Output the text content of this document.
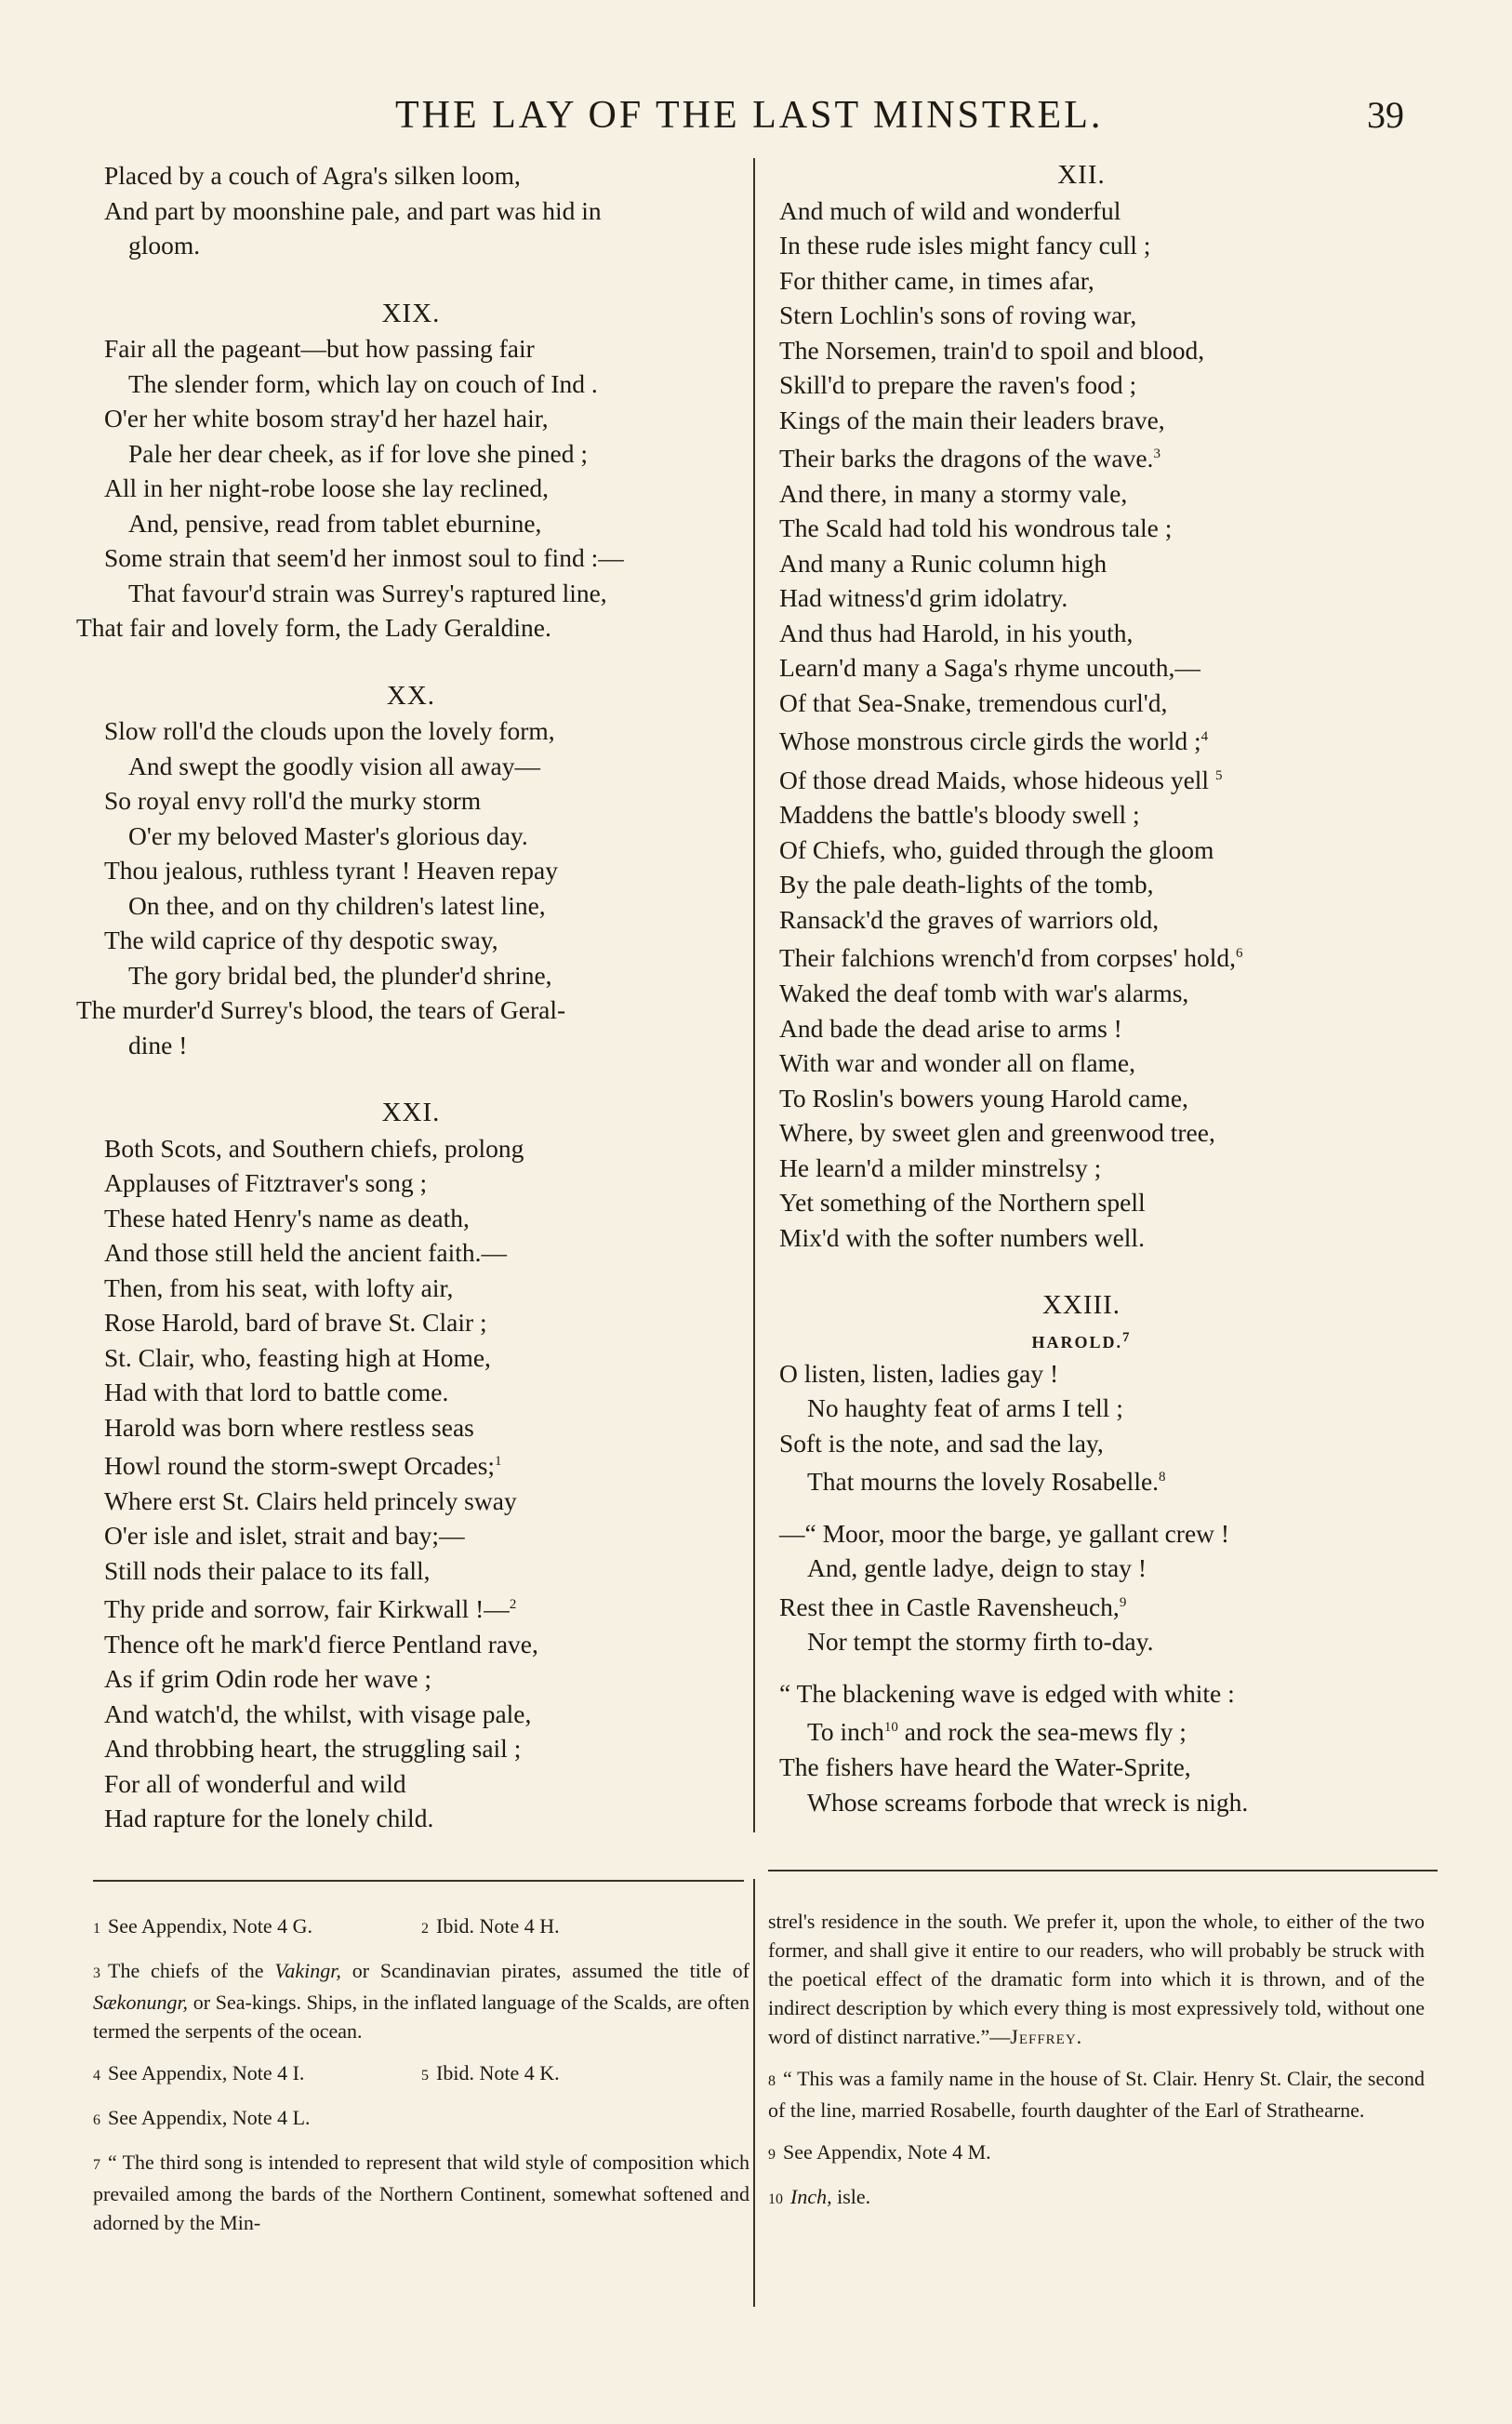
THE LAY OF THE LAST MINSTREL.	39
Placed by a couch of Agra's silken loom,
And part by moonshine pale, and part was hid in
gloom.
XIX.
Fair all the pageant—but how passing fair
The slender form, which lay on couch of Ind .
O'er her white bosom stray'd her hazel hair,
Pale her dear cheek, as if for love she pined ;
All in her night-robe loose she lay reclined,
And, pensive, read from tablet eburnine,
Some strain that seem'd her inmost soul to find :—
That favour'd strain was Surrey's raptured line,
That fair and lovely form, the Lady Geraldine.
XX.
Slow roll'd the clouds upon the lovely form,
And swept the goodly vision all away—
So royal envy roll'd the murky storm
O'er my beloved Master's glorious day.
Thou jealous, ruthless tyrant ! Heaven repay
On thee, and on thy children's latest line,
The wild caprice of thy despotic sway,
The gory bridal bed, the plunder'd shrine,
The murder'd Surrey's blood, the tears of Geral-
dine !
XXI.
Both Scots, and Southern chiefs, prolong
Applauses of Fitztraver's song ;
These hated Henry's name as death,
And those still held the ancient faith.—
Then, from his seat, with lofty air,
Rose Harold, bard of brave St. Clair ;
St. Clair, who, feasting high at Home,
Had with that lord to battle come.
Harold was born where restless seas
Howl round the storm-swept Orcades;$^1$
Where erst St. Clairs held princely sway
O'er isle and islet, strait and bay;—
Still nods their palace to its fall,
Thy pride and sorrow, fair Kirkwall !—$^2$
Thence oft he mark'd fierce Pentland rave,
As if grim Odin rode her wave ;
And watch'd, the whilst, with visage pale,
And throbbing heart, the struggling sail ;
For all of wonderful and wild
Had rapture for the lonely child.
XII.
And much of wild and wonderful
In these rude isles might fancy cull ;
For thither came, in times afar,
Stern Lochlin's sons of roving war,
The Norsemen, train'd to spoil and blood,
Skill'd to prepare the raven's food ;
Kings of the main their leaders brave,
Their barks the dragons of the wave.$^3$
And there, in many a stormy vale,
The Scald had told his wondrous tale ;
And many a Runic column high
Had witness'd grim idolatry.
And thus had Harold, in his youth,
Learn'd many a Saga's rhyme uncouth,—
Of that Sea-Snake, tremendous curl'd,
Whose monstrous circle girds the world ;$^4$
Of those dread Maids, whose hideous yell $^5$
Maddens the battle's bloody swell ;
Of Chiefs, who, guided through the gloom
By the pale death-lights of the tomb,
Ransack'd the graves of warriors old,
Their falchions wrench'd from corpses' hold,$^6$
Waked the deaf tomb with war's alarms,
And bade the dead arise to arms !
With war and wonder all on flame,
To Roslin's bowers young Harold came,
Where, by sweet glen and greenwood tree,
He learn'd a milder minstrelsy ;
Yet something of the Northern spell
Mix'd with the softer numbers well.
XXIII.
HAROLD.$^7$
O listen, listen, ladies gay !
No haughty feat of arms I tell ;
Soft is the note, and sad the lay,
That mourns the lovely Rosabelle.$^8$
—“ Moor, moor the barge, ye gallant crew !
And, gentle ladye, deign to stay !
Rest thee in Castle Ravensheuch,$^9$
Nor tempt the stormy firth to-day.
“ The blackening wave is edged with white :
To inch$^{10}$ and rock the sea-mews fly ;
The fishers have heard the Water-Sprite,
Whose screams forbode that wreck is nigh.
1 See Appendix, Note 4 G.	2 Ibid. Note 4 H.
3 The chiefs of the Vakingr, or Scandinavian pirates, assumed the title of Sækonungr, or Sea-kings. Ships, in the inflated language of the Scalds, are often termed the serpents of the ocean.
4 See Appendix, Note 4 I.	5 Ibid. Note 4 K.
6 See Appendix, Note 4 L.
7 “ The third song is intended to represent that wild style of composition which prevailed among the bards of the Northern Continent, somewhat softened and adorned by the Min-
strel's residence in the south. We prefer it, upon the whole, to either of the two former, and shall give it entire to our readers, who will probably be struck with the poetical effect of the dramatic form into which it is thrown, and of the indirect description by which every thing is most expressively told, without one word of distinct narrative.”—Jeffrey.
8 “ This was a family name in the house of St. Clair. Henry St. Clair, the second of the line, married Rosabelle, fourth daughter of the Earl of Strathearne.
9 See Appendix, Note 4 M.
10 Inch, isle.
